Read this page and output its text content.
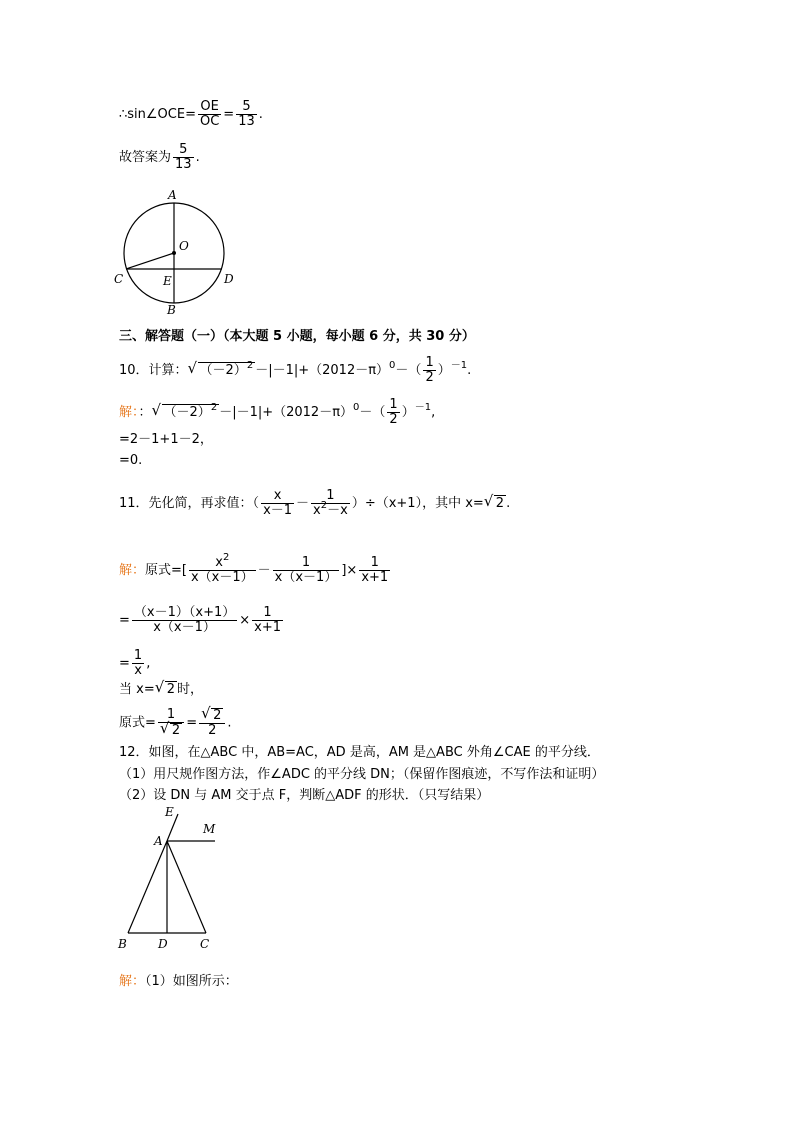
∴sin∠OCE= $\frac{OE}{OC} = \frac{5}{13}$ .
故答案为 $\frac{5}{13}$ .
A
O
C	E	D
B
三、解答题（一）（本大题 5 小题，每小题 6 分，共 30 分）
10．计算： √ $(-2)^2 -|-1|+(2012-\pi)^0-( \frac{1}{2} )^{-1}$.
解：： √ $(-2)^2 -|-1|+(2012-\pi)^0-( \frac{1}{2} )^{-1}$,
=2－1+1－2，
=0.
11．先化简，再求值：（ $\frac{x}{x-1} - \frac{1}{x^2-x} )\div(x+1)$，其中 x= √ 2 .
解：原式=[ $\frac{x^2}{x(x-1)} - \frac{1}{x(x-1)}$ ]× $\frac{1}{x+1}$
= $\frac{(x-1)(x+1)}{x(x-1)} \times \frac{1}{x+1}$
= $\frac{1}{x}$ ,
当 x= √ 2 时，
原式= $\frac{1}{√ 2} = \frac{√ 2}{2}$ .
12．如图，在△ABC 中，AB=AC，AD 是高，AM 是△ABC 外角∠CAE 的平分线．
（1）用尺规作图方法，作∠ADC 的平分线 DN；（保留作图痕迹，不写作法和证明）
（2）设 DN 与 AM 交于点 F，判断△ADF 的形状．（只写结果）
E
A
M
B	D	C
解：（1）如图所示：
